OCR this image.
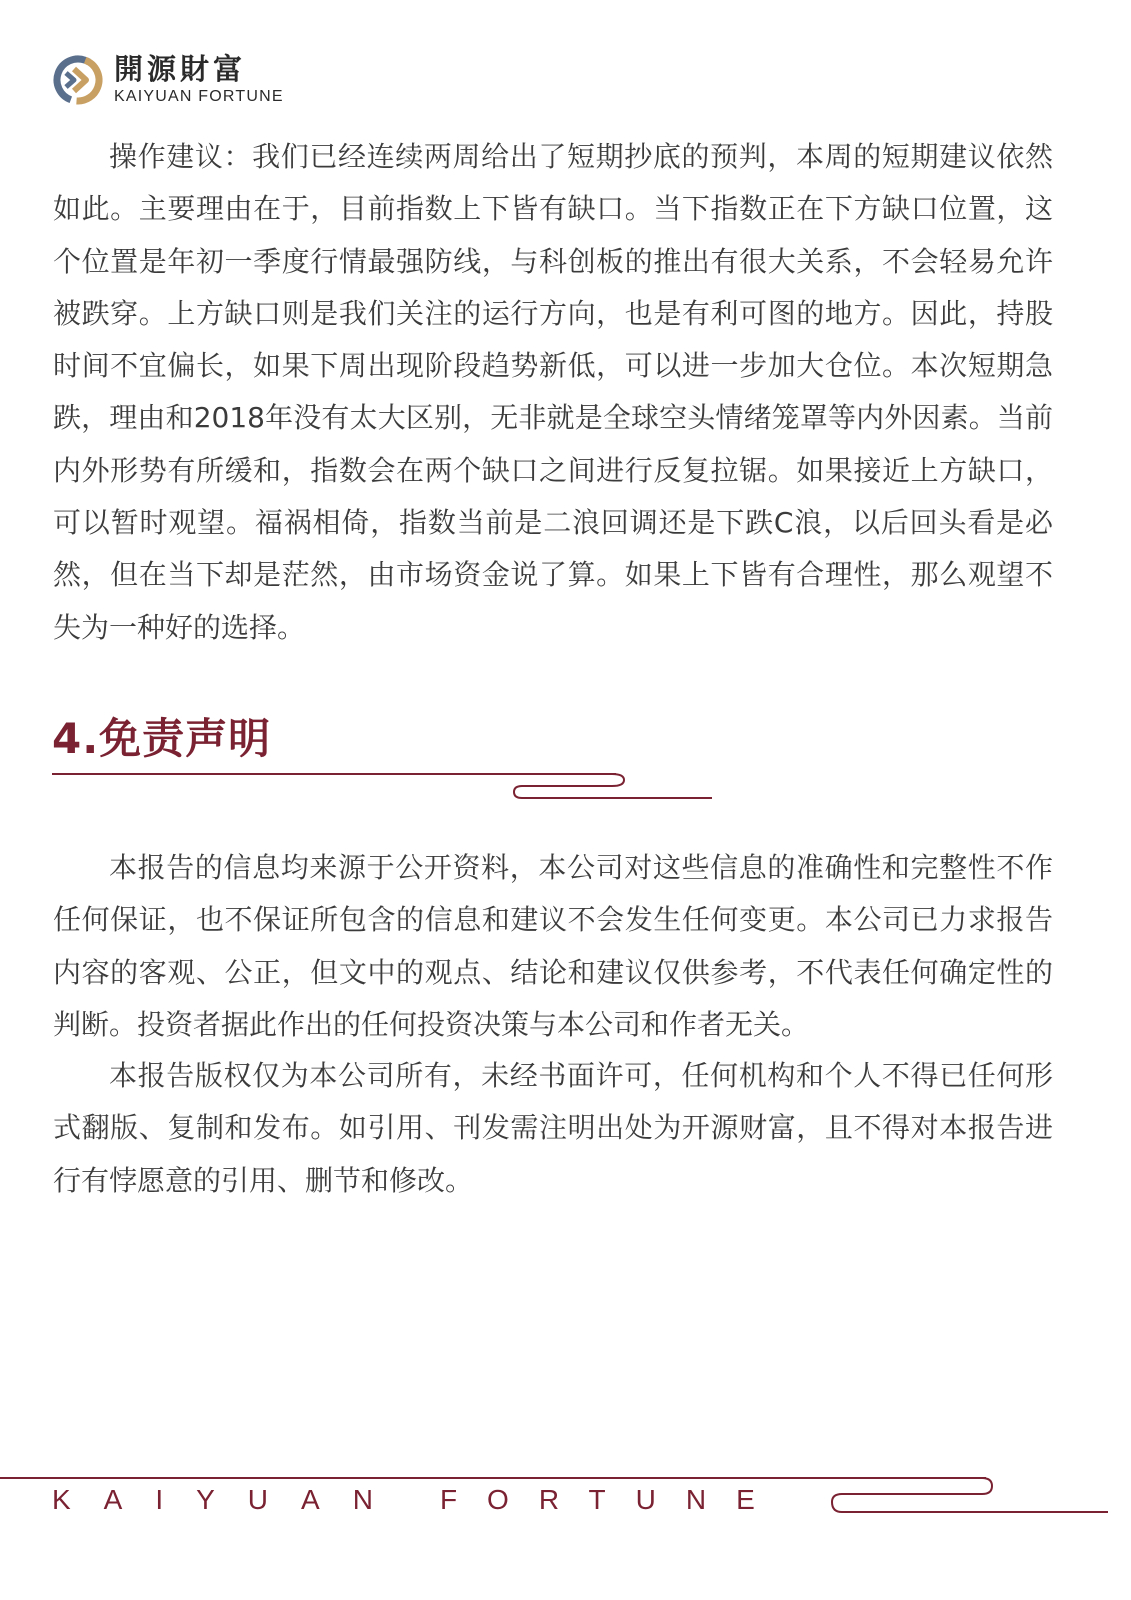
開源財富
KAIYUAN FORTUNE

操作建议：我们已经连续两周给出了短期抄底的预判，本周的短期建议依然如此。主要理由在于，目前指数上下皆有缺口。当下指数正在下方缺口位置，这个位置是年初一季度行情最强防线，与科创板的推出有很大关系，不会轻易允许被跌穿。上方缺口则是我们关注的运行方向，也是有利可图的地方。因此，持股时间不宜偏长，如果下周出现阶段趋势新低，可以进一步加大仓位。本次短期急跌，理由和2018年没有太大区别，无非就是全球空头情绪笼罩等内外因素。当前内外形势有所缓和，指数会在两个缺口之间进行反复拉锯。如果接近上方缺口，可以暂时观望。福祸相倚，指数当前是二浪回调还是下跌C浪，以后回头看是必然，但在当下却是茫然，由市场资金说了算。如果上下皆有合理性，那么观望不失为一种好的选择。

4.免责声明

本报告的信息均来源于公开资料，本公司对这些信息的准确性和完整性不作任何保证，也不保证所包含的信息和建议不会发生任何变更。本公司已力求报告内容的客观、公正，但文中的观点、结论和建议仅供参考，不代表任何确定性的判断。投资者据此作出的任何投资决策与本公司和作者无关。

本报告版权仅为本公司所有，未经书面许可，任何机构和个人不得已任何形式翻版、复制和发布。如引用、刊发需注明出处为开源财富，且不得对本报告进行有悖愿意的引用、删节和修改。

KAIYUAN FORTUNE
